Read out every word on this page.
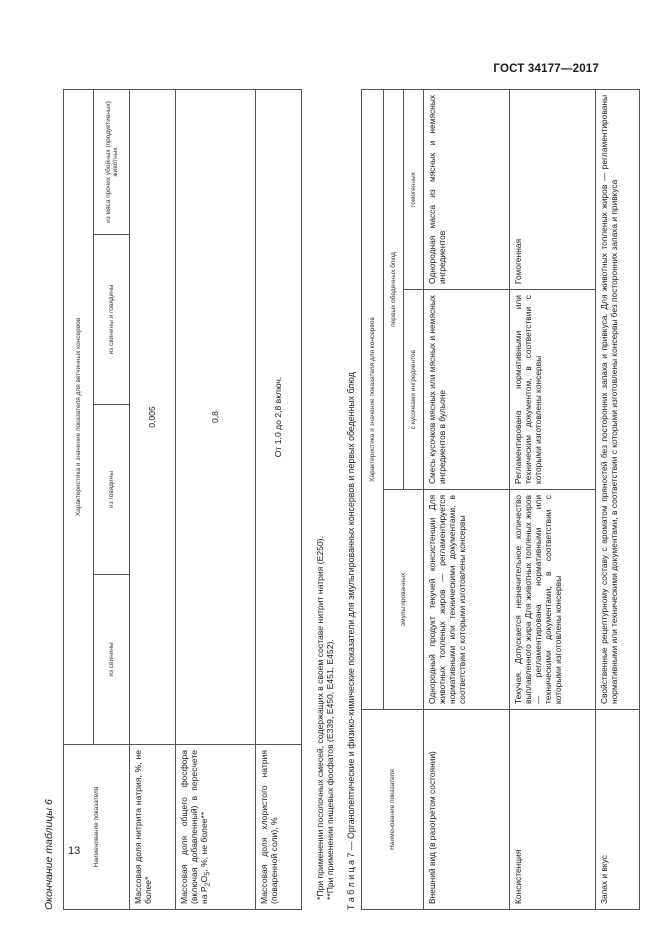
ГОСТ 34177—2017
Окончание таблицы 6	Наименование показателя	Характеристика и значение показателя для ветчинных консервов			
	из свинины	из говядины	из свинины и говядины	из мяса прочих убойных (продуктивных) животных
Массовая доля нитрита натрия, %, не более*	0,005			
Массовая доля общего фосфора (включая добавленный) в пересчете на $P_2O_5$, %, не более**	0,8			
Массовая доля хлористого натрия (поваренной соли), %	От 1,0 до 2,8 включ.			
*При применении посолочных смесей, содержащих в своем составе нитрит натрия (E250). **При применении пищевых фосфатов (E339, E450, E451, E452). Т а б л и ц а 7 — Органолептические и физико-химические показатели для эмульгированных консервов и первых обеденных блюд	Наименование показателя	Характеристика и значение показателя для консервов		
	эмульгированных	первых обеденных блюд	
		с кусочками ингредиентов	гомогенных
Внешний вид (в разогретом состоянии)	Однородный продукт текучей консистенции Для животных топленых жиров — регламентируется нормативными или техническими документами, в соответствии с которыми изготовлены консервы	Смесь кусочков мясных или мясных и немясных ингредиентов в бульоне	Однородная масса из мясных и немясных ингредиентов
Консистенция	Текучая. Допускается незначительное количество выплавленного жира Для животных топленых жиров — регламентирована нормативными или техническими документами, в соответствии с которыми изготовлены консервы	Регламентирована нормативными или техническим документом, в соответствии с которыми изготовлены консервы	Гомогенная
Запах и вкус	Свойственные рецептурному составу с ароматом пряностей без посторонних запаха и привкуса. Для животных топленых жиров — регламентированы нормативными или техническими документами, в соответствии с которыми изготовлены консервы без посторонних запаха и привкуса		
13
